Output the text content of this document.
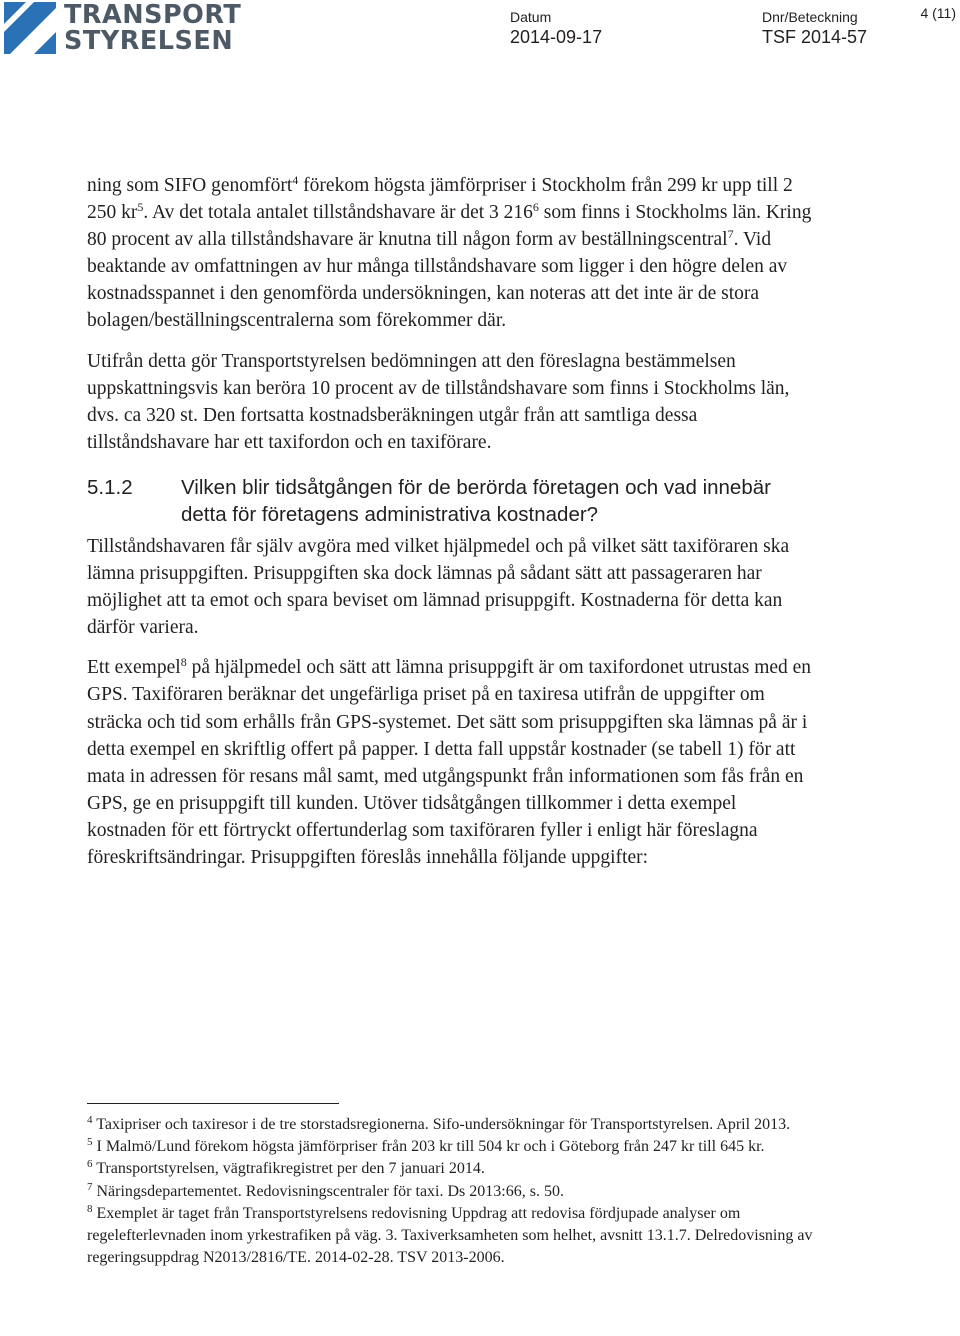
TRANSPORT
STYRELSEN
Datum
2014-09-17
Dnr/Beteckning
TSF 2014-57
4 (11)

ning som SIFO genomfört$^4$ förekom högsta jämförpriser i Stockholm från 299 kr upp till 2 250 $kr^5$. Av det totala antalet tillståndshavare är det 3 $216^6$ som finns i Stockholms län. Kring 80 procent av alla tillståndshavare är knutna till någon form av beställningscentral$^7$. Vid beaktande av omfattningen av hur många tillståndshavare som ligger i den högre delen av kostnadsspannet i den genomförda undersökningen, kan noteras att det inte är de stora bolagen/beställningscentralerna som förekommer där.

Utifrån detta gör Transportstyrelsen bedömningen att den föreslagna bestämmelsen uppskattningsvis kan beröra 10 procent av de tillståndshavare som finns i Stockholms län, dvs. ca 320 st. Den fortsatta kostnadsberäkningen utgår från att samtliga dessa tillståndshavare har ett taxifordon och en taxiförare.

5.1.2 Vilken blir tidsåtgången för de berörda företagen och vad innebär detta för företagens administrativa kostnader?

Tillståndshavaren får själv avgöra med vilket hjälpmedel och på vilket sätt taxiföraren ska lämna prisuppgiften. Prisuppgiften ska dock lämnas på sådant sätt att passageraren har möjlighet att ta emot och spara beviset om lämnad prisuppgift. Kostnaderna för detta kan därför variera.

Ett exempel$^8$ på hjälpmedel och sätt att lämna prisuppgift är om taxifordonet utrustas med en GPS. Taxiföraren beräknar det ungefärliga priset på en taxiresa utifrån de uppgifter om sträcka och tid som erhålls från GPS-systemet. Det sätt som prisuppgiften ska lämnas på är i detta exempel en skriftlig offert på papper. I detta fall uppstår kostnader (se tabell 1) för att mata in adressen för resans mål samt, med utgångspunkt från informationen som fås från en GPS, ge en prisuppgift till kunden. Utöver tidsåtgången tillkommer i detta exempel kostnaden för ett förtryckt offertunderlag som taxiföraren fyller i enligt här föreslagna föreskriftsändringar. Prisuppgiften föreslås innehålla följande uppgifter:

$^4$ Taxipriser och taxiresor i de tre storstadsregionerna. Sifo-undersökningar för Transportstyrelsen. April 2013.

$^5$ I Malmö/Lund förekom högsta jämförpriser från 203 kr till 504 kr och i Göteborg från 247 kr till 645 kr.

$^6$ Transportstyrelsen, vägtrafikregistret per den 7 januari 2014.

$^7$ Näringsdepartementet. Redovisningscentraler för taxi. Ds 2013:66, s. 50.

$^8$ Exemplet är taget från Transportstyrelsens redovisning Uppdrag att redovisa fördjupade analyser om regelefterlevnaden inom yrkestrafiken på väg. 3. Taxiverksamheten som helhet, avsnitt 13.1.7. Delredovisning av regeringsuppdrag N2013/2816/TE. 2014-02-28. TSV 2013-2006.
